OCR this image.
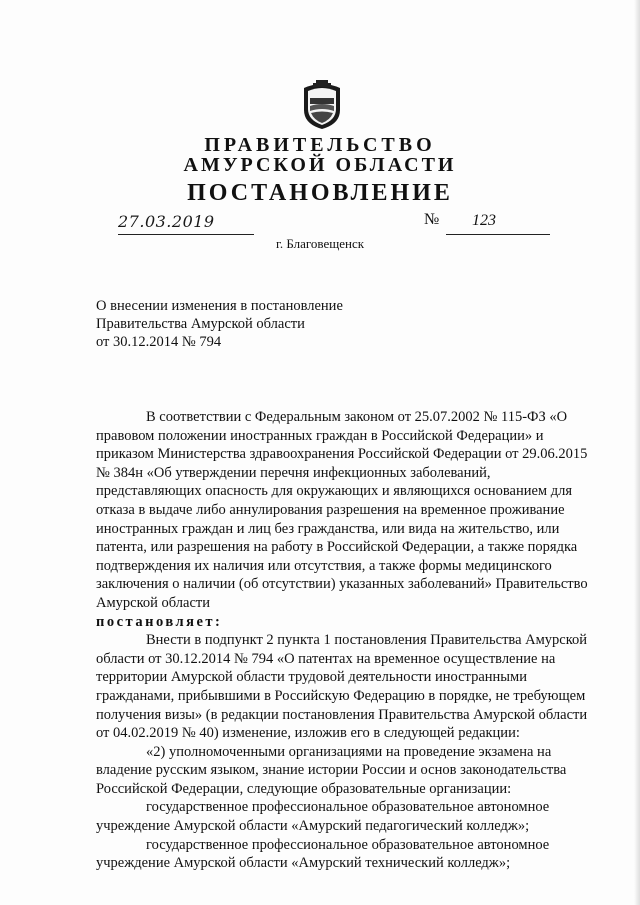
ПРАВИТЕЛЬСТВО
АМУРСКОЙ ОБЛАСТИ
ПОСТАНОВЛЕНИЕ
27.03.2019	№ 123
г. Благовещенск
О внесении изменения в постановление
Правительства Амурской области
от 30.12.2014 № 794
В соответствии с Федеральным законом от 25.07.2002 № 115-ФЗ «О
правовом положении иностранных граждан в Российской Федерации» и
приказом Министерства здравоохранения Российской Федерации от 29.06.2015
№ 384н «Об утверждении перечня инфекционных заболеваний,
представляющих опасность для окружающих и являющихся основанием для
отказа в выдаче либо аннулирования разрешения на временное проживание
иностранных граждан и лиц без гражданства, или вида на жительство, или
патента, или разрешения на работу в Российской Федерации, а также порядка
подтверждения их наличия или отсутствия, а также формы медицинского
заключения о наличии (об отсутствии) указанных заболеваний» Правительство
Амурской области
постановляет:
Внести в подпункт 2 пункта 1 постановления Правительства Амурской
области от 30.12.2014 № 794 «О патентах на временное осуществление на
территории Амурской области трудовой деятельности иностранными
гражданами, прибывшими в Российскую Федерацию в порядке, не требующем
получения визы» (в редакции постановления Правительства Амурской области
от 04.02.2019 № 40) изменение, изложив его в следующей редакции:
«2) уполномоченными организациями на проведение экзамена на
владение русским языком, знание истории России и основ законодательства
Российской Федерации, следующие образовательные организации:
государственное профессиональное образовательное автономное
учреждение Амурской области «Амурский педагогический колледж»;
государственное профессиональное образовательное автономное
учреждение Амурской области «Амурский технический колледж»;
